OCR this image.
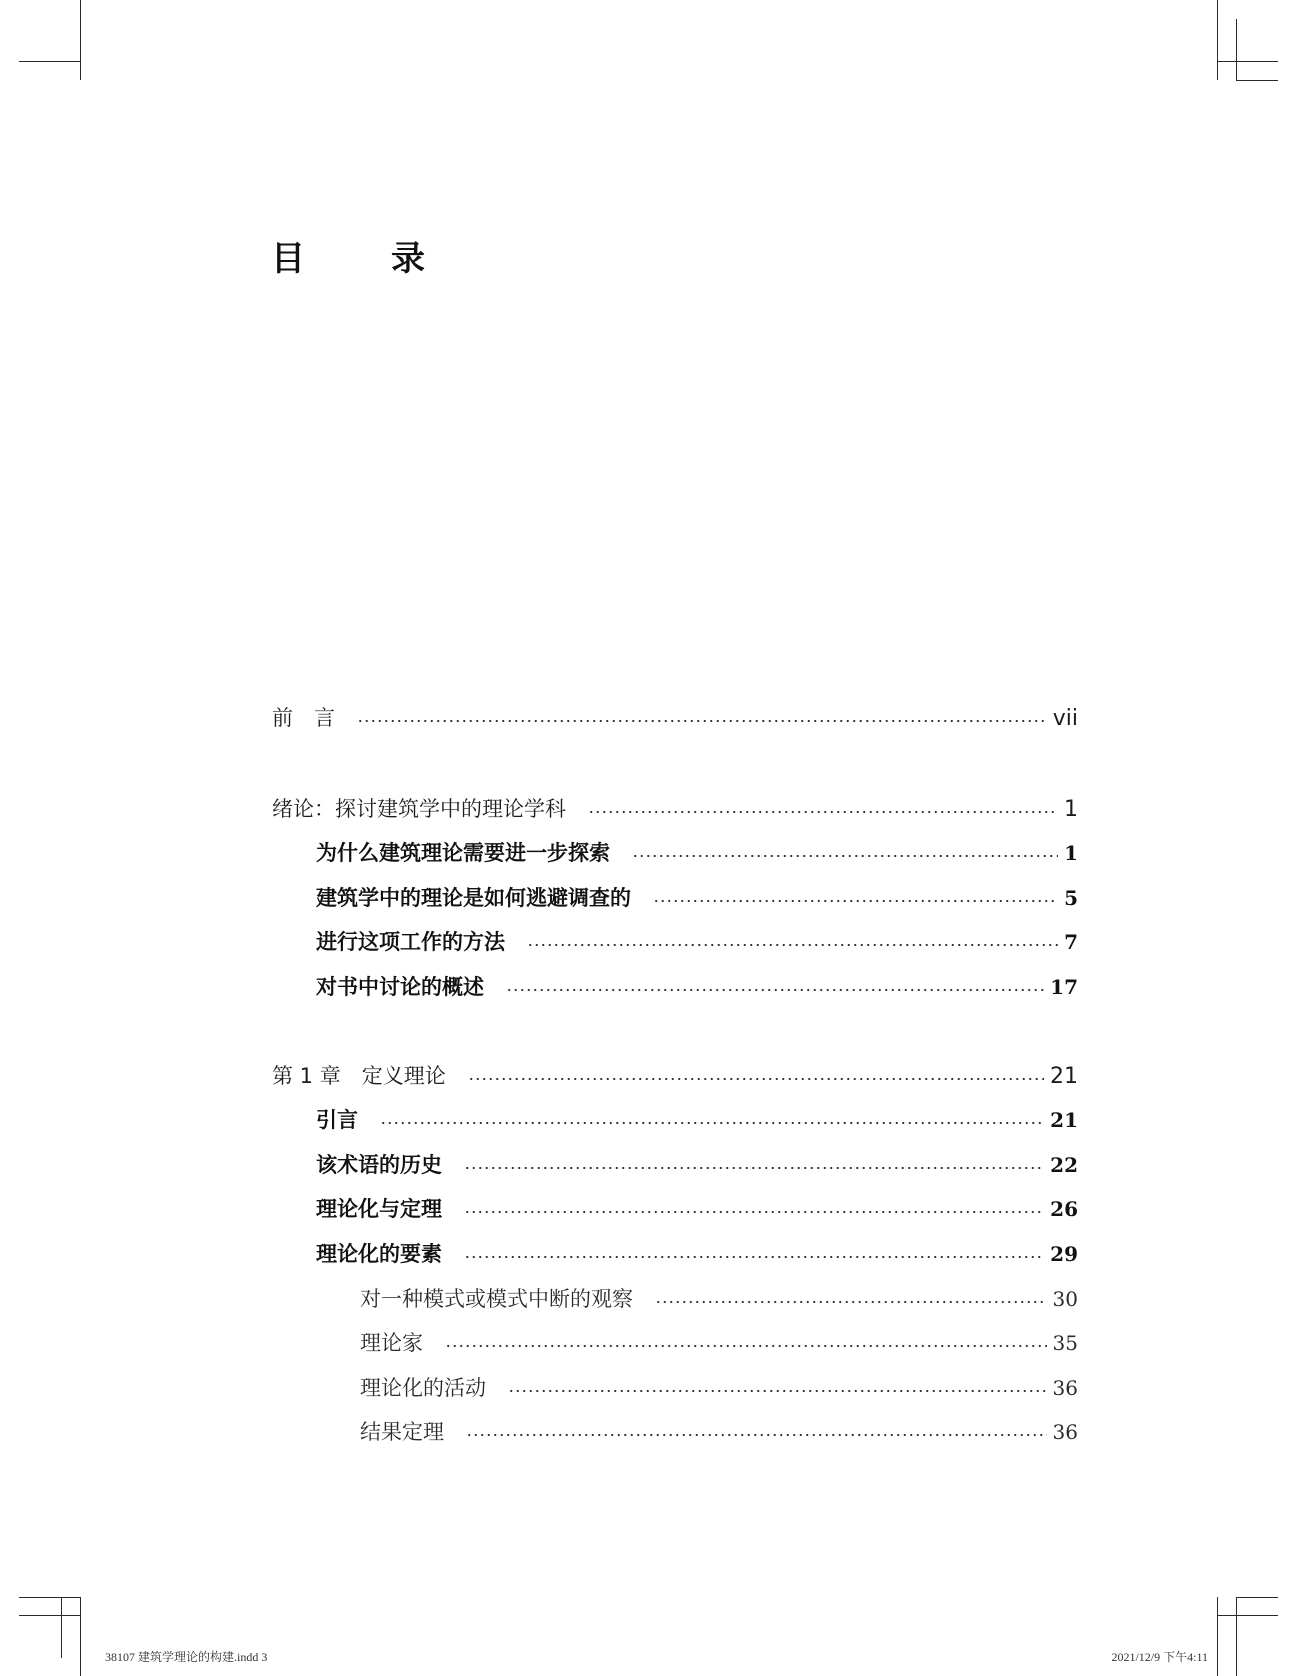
目　录
前　言	vii
绪论：探讨建筑学中的理论学科	1
为什么建筑理论需要进一步探索	1
建筑学中的理论是如何逃避调查的	5
进行这项工作的方法	7
对书中讨论的概述	17
第 1 章　定义理论	21
引言	21
该术语的历史	22
理论化与定理	26
理论化的要素	29
对一种模式或模式中断的观察	30
理论家	35
理论化的活动	36
结果定理	36
38107 建筑学理论的构建.indd 3	2021/12/9 下午4:11
